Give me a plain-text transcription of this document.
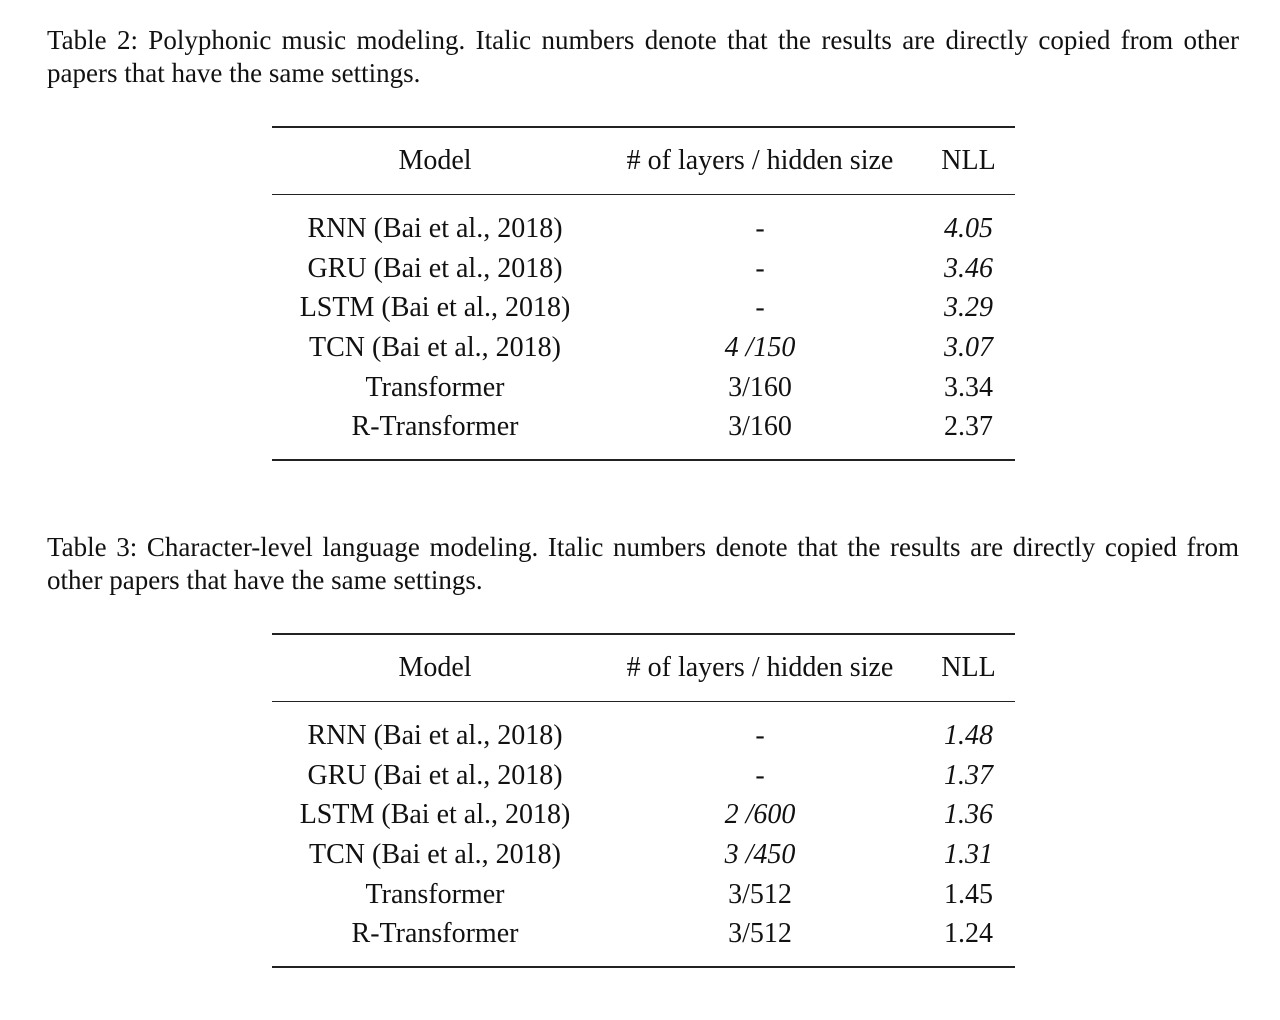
Table 2: Polyphonic music modeling. Italic numbers denote that the results are directly copied from other papers that have the same settings.

Model	# of layers / hidden size	NLL
RNN (Bai et al., 2018)	-	4.05
GRU (Bai et al., 2018)	-	3.46
LSTM (Bai et al., 2018)	-	3.29
TCN (Bai et al., 2018)	4 /150	3.07
Transformer	3/160	3.34
R-Transformer	3/160	2.37

Table 3: Character-level language modeling. Italic numbers denote that the results are directly copied from other papers that have the same settings.

Model	# of layers / hidden size	NLL
RNN (Bai et al., 2018)	-	1.48
GRU (Bai et al., 2018)	-	1.37
LSTM (Bai et al., 2018)	2 /600	1.36
TCN (Bai et al., 2018)	3 /450	1.31
Transformer	3/512	1.45
R-Transformer	3/512	1.24
